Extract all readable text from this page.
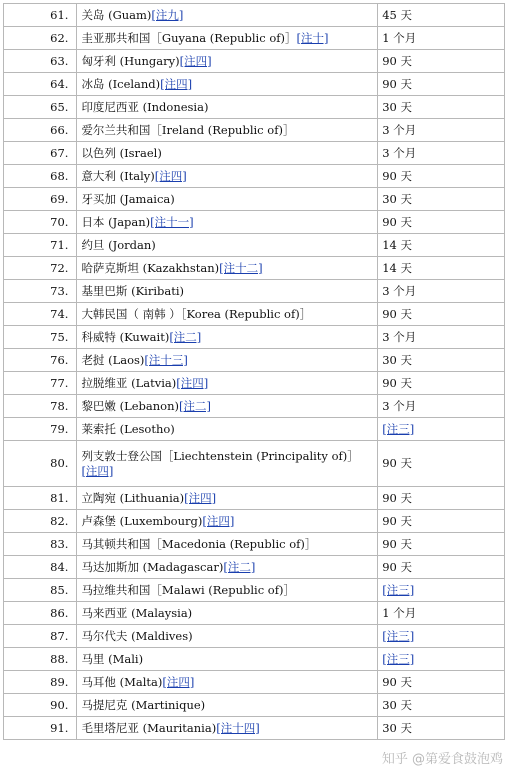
61.	关岛 (Guam)[注九]	45 天
62.	圭亚那共和国［Guyana (Republic of)］[注十]	1 个月
63.	匈牙利 (Hungary)[注四]	90 天
64.	冰岛 (Iceland)[注四]	90 天
65.	印度尼西亚 (Indonesia)	30 天
66.	爱尔兰共和国［Ireland (Republic of)］	3 个月
67.	以色列 (Israel)	3 个月
68.	意大利 (Italy)[注四]	90 天
69.	牙买加 (Jamaica)	30 天
70.	日本 (Japan)[注十一]	90 天
71.	约旦 (Jordan)	14 天
72.	哈萨克斯坦 (Kazakhstan)[注十二]	14 天
73.	基里巴斯 (Kiribati)	3 个月
74.	大韩民国（ 南韩 ）［Korea (Republic of)］	90 天
75.	科威特 (Kuwait)[注二]	3 个月
76.	老挝 (Laos)[注十三]	30 天
77.	拉脱维亚 (Latvia)[注四]	90 天
78.	黎巴嫩 (Lebanon)[注二]	3 个月
79.	莱索托 (Lesotho)	[注三]
80.	列支敦士登公国［Liechtenstein (Principality of)］[注四]	90 天
81.	立陶宛 (Lithuania)[注四]	90 天
82.	卢森堡 (Luxembourg)[注四]	90 天
83.	马其顿共和国［Macedonia (Republic of)］	90 天
84.	马达加斯加 (Madagascar)[注二]	90 天
85.	马拉维共和国［Malawi (Republic of)］	[注三]
86.	马来西亚 (Malaysia)	1 个月
87.	马尔代夫 (Maldives)	[注三]
88.	马里 (Mali)	[注三]
89.	马耳他 (Malta)[注四]	90 天
90.	马提尼克 (Martinique)	30 天
91.	毛里塔尼亚 (Mauritania)[注十四]	30 天
知乎 @第爱食鼓泡鸡
